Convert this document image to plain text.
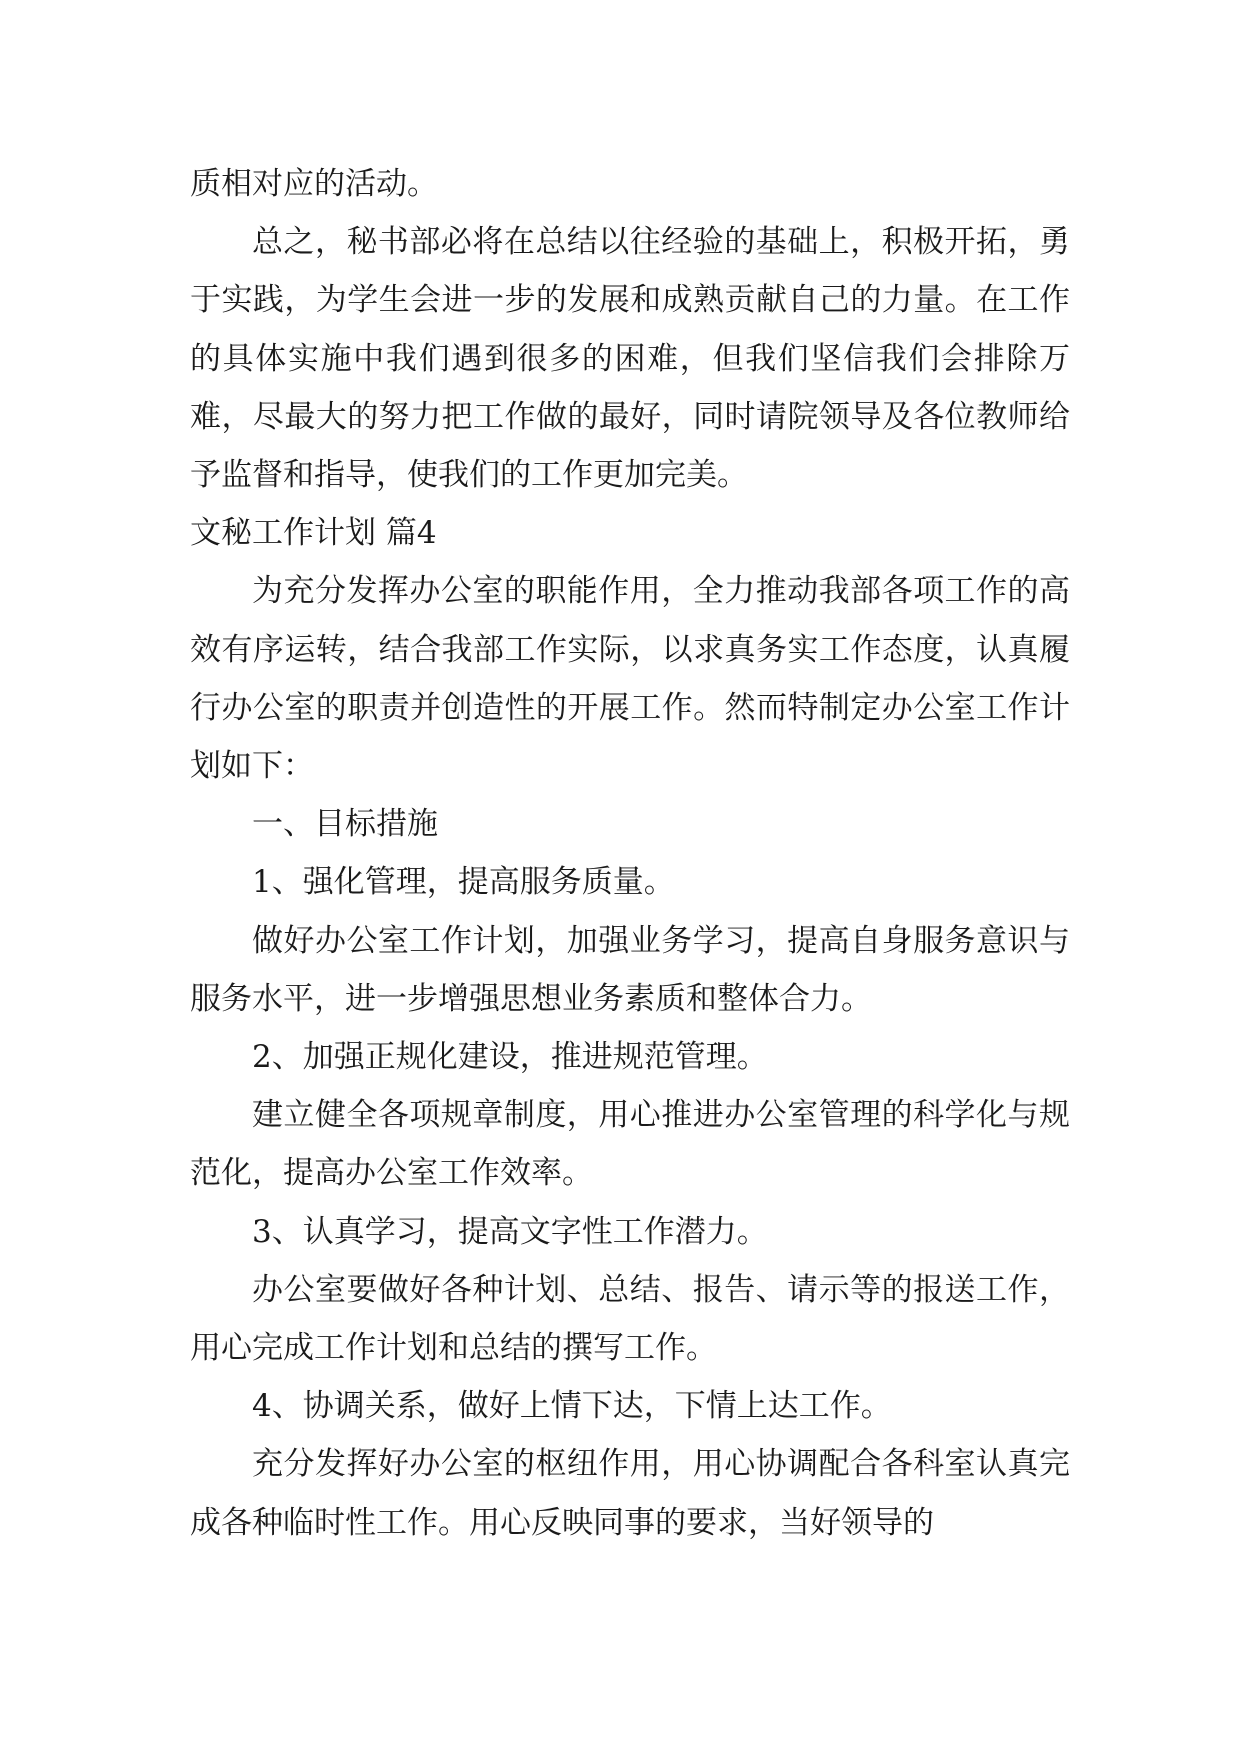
质相对应的活动。

总之，秘书部必将在总结以往经验的基础上，积极开拓，勇于实践，为学生会进一步的发展和成熟贡献自己的力量。在工作的具体实施中我们遇到很多的困难，但我们坚信我们会排除万难，尽最大的努力把工作做的最好，同时请院领导及各位教师给予监督和指导，使我们的工作更加完美。

文秘工作计划 篇4

为充分发挥办公室的职能作用，全力推动我部各项工作的高效有序运转，结合我部工作实际，以求真务实工作态度，认真履行办公室的职责并创造性的开展工作。然而特制定办公室工作计划如下：

一、目标措施

1、强化管理，提高服务质量。

做好办公室工作计划，加强业务学习，提高自身服务意识与服务水平，进一步增强思想业务素质和整体合力。

2、加强正规化建设，推进规范管理。

建立健全各项规章制度，用心推进办公室管理的科学化与规范化，提高办公室工作效率。

3、认真学习，提高文字性工作潜力。

办公室要做好各种计划、总结、报告、请示等的报送工作，用心完成工作计划和总结的撰写工作。

4、协调关系，做好上情下达，下情上达工作。

充分发挥好办公室的枢纽作用，用心协调配合各科室认真完成各种临时性工作。用心反映同事的要求，当好领导的
